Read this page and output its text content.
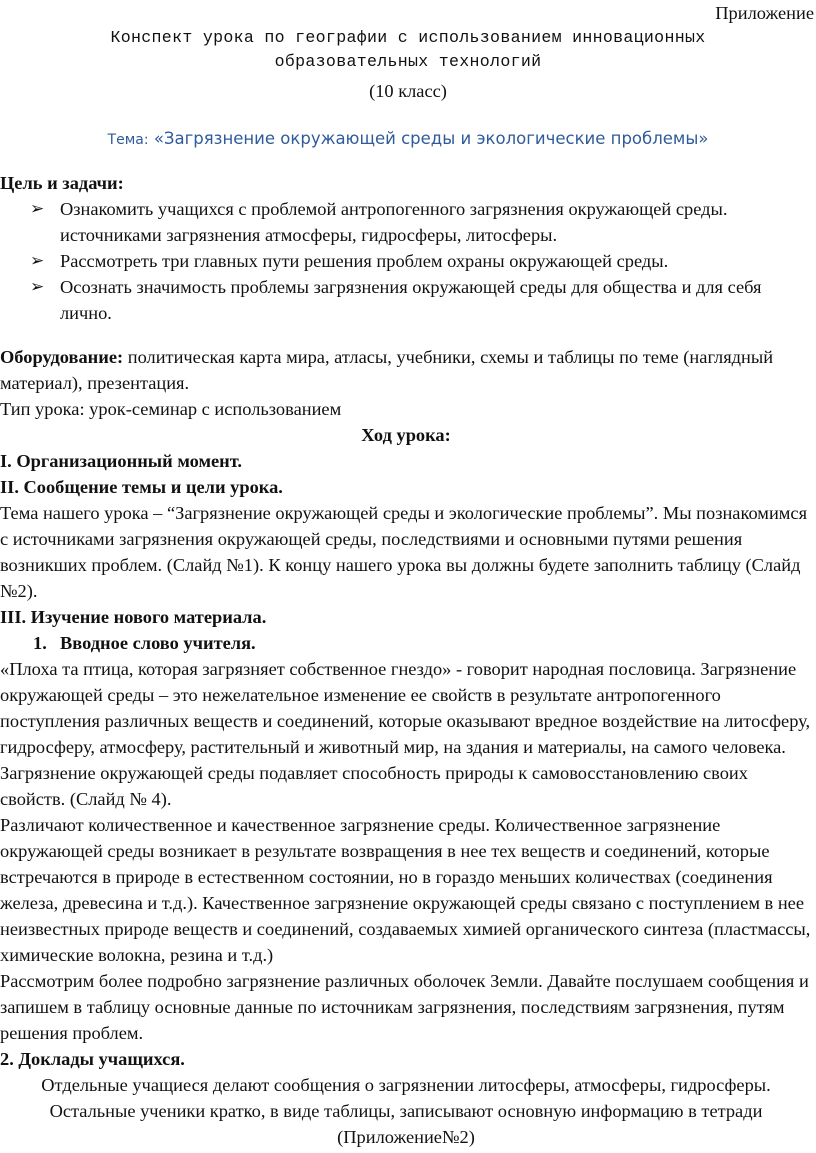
Приложение
Конспект урока по географии с использованием инновационных
образовательных технологий
(10 класс)
Тема: «Загрязнение окружающей среды и экологические проблемы»

Цель и задачи:

➢ Ознакомить учащихся с проблемой антропогенного загрязнения окружающей среды. источниками загрязнения атмосферы, гидросферы, литосферы.
➢ Рассмотреть три главных пути решения проблем охраны окружающей среды.
➢ Осознать значимость проблемы загрязнения окружающей среды для общества и для себя лично.

Оборудование: политическая карта мира, атласы, учебники, схемы и таблицы по теме (наглядный материал), презентация.

Тип урока: урок-семинар с использованием

Ход урока:

I. Организационный момент.

II. Сообщение темы и цели урока.

Тема нашего урока – “Загрязнение окружающей среды и экологические проблемы”. Мы познакомимся с источниками загрязнения окружающей среды, последствиями и основными путями решения возникших проблем. (Слайд №1). К концу нашего урока вы должны будете заполнить таблицу (Слайд №2).

III. Изучение нового материала.

1. Вводное слово учителя.

«Плоха та птица, которая загрязняет собственное гнездо» - говорит народная пословица. Загрязнение окружающей среды – это нежелательное изменение ее свойств в результате антропогенного поступления различных веществ и соединений, которые оказывают вредное воздействие на литосферу, гидросферу, атмосферу, растительный и животный мир, на здания и материалы, на самого человека. Загрязнение окружающей среды подавляет способность природы к самовосстановлению своих свойств. (Слайд № 4).

Различают количественное и качественное загрязнение среды. Количественное загрязнение окружающей среды возникает в результате возвращения в нее тех веществ и соединений, которые встречаются в природе в естественном состоянии, но в гораздо меньших количествах (соединения железа, древесина и т.д.). Качественное загрязнение окружающей среды связано с поступлением в нее неизвестных природе веществ и соединений, создаваемых химией органического синтеза (пластмассы, химические волокна, резина и т.д.)

Рассмотрим более подробно загрязнение различных оболочек Земли. Давайте послушаем сообщения и запишем в таблицу основные данные по источникам загрязнения, последствиям загрязнения, путям решения проблем.

2. Доклады учащихся.

Отдельные учащиеся делают сообщения о загрязнении литосферы, атмосферы, гидросферы. Остальные ученики кратко, в виде таблицы, записывают основную информацию в тетради (Приложение№2)
